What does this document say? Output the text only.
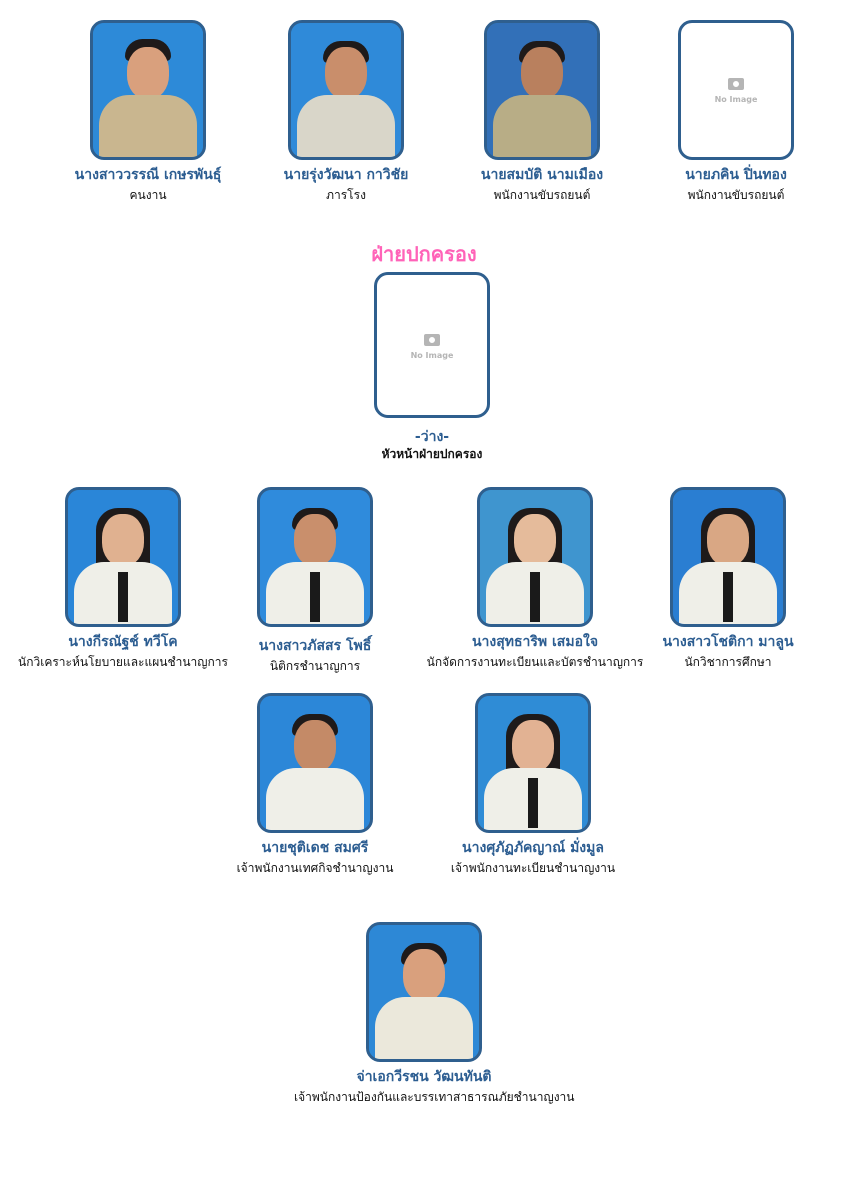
นางสาววรรณี เกษรพันธุ์
คนงาน
นายรุ่งวัฒนา กาวิชัย
ภารโรง
นายสมบัติ นามเมือง
พนักงานขับรถยนต์
No Image
นายภคิน ปิ่นทอง
พนักงานขับรถยนต์
ฝ่ายปกครอง
No Image
-ว่าง-
หัวหน้าฝ่ายปกครอง
นางกีรณัฐช์ ทวีโค
นักวิเคราะห์นโยบายและแผนชำนาญการ
นางสาวภัสสร โพธิ์
นิติกรชำนาญการ
นางสุทธาริพ เสมอใจ
นักจัดการงานทะเบียนและบัตรชำนาญการ
นางสาวโชติกา มาลูน
นักวิชาการศึกษา
นายชุติเดช สมศรี
เจ้าพนักงานเทศกิจชำนาญงาน
นางศุภัฏภัคญาณ์ มั่งมูล
เจ้าพนักงานทะเบียนชำนาญงาน
จ่าเอกวีรชน วัฒนทันติ
เจ้าพนักงานป้องกันและบรรเทาสาธารณภัยชำนาญงาน
